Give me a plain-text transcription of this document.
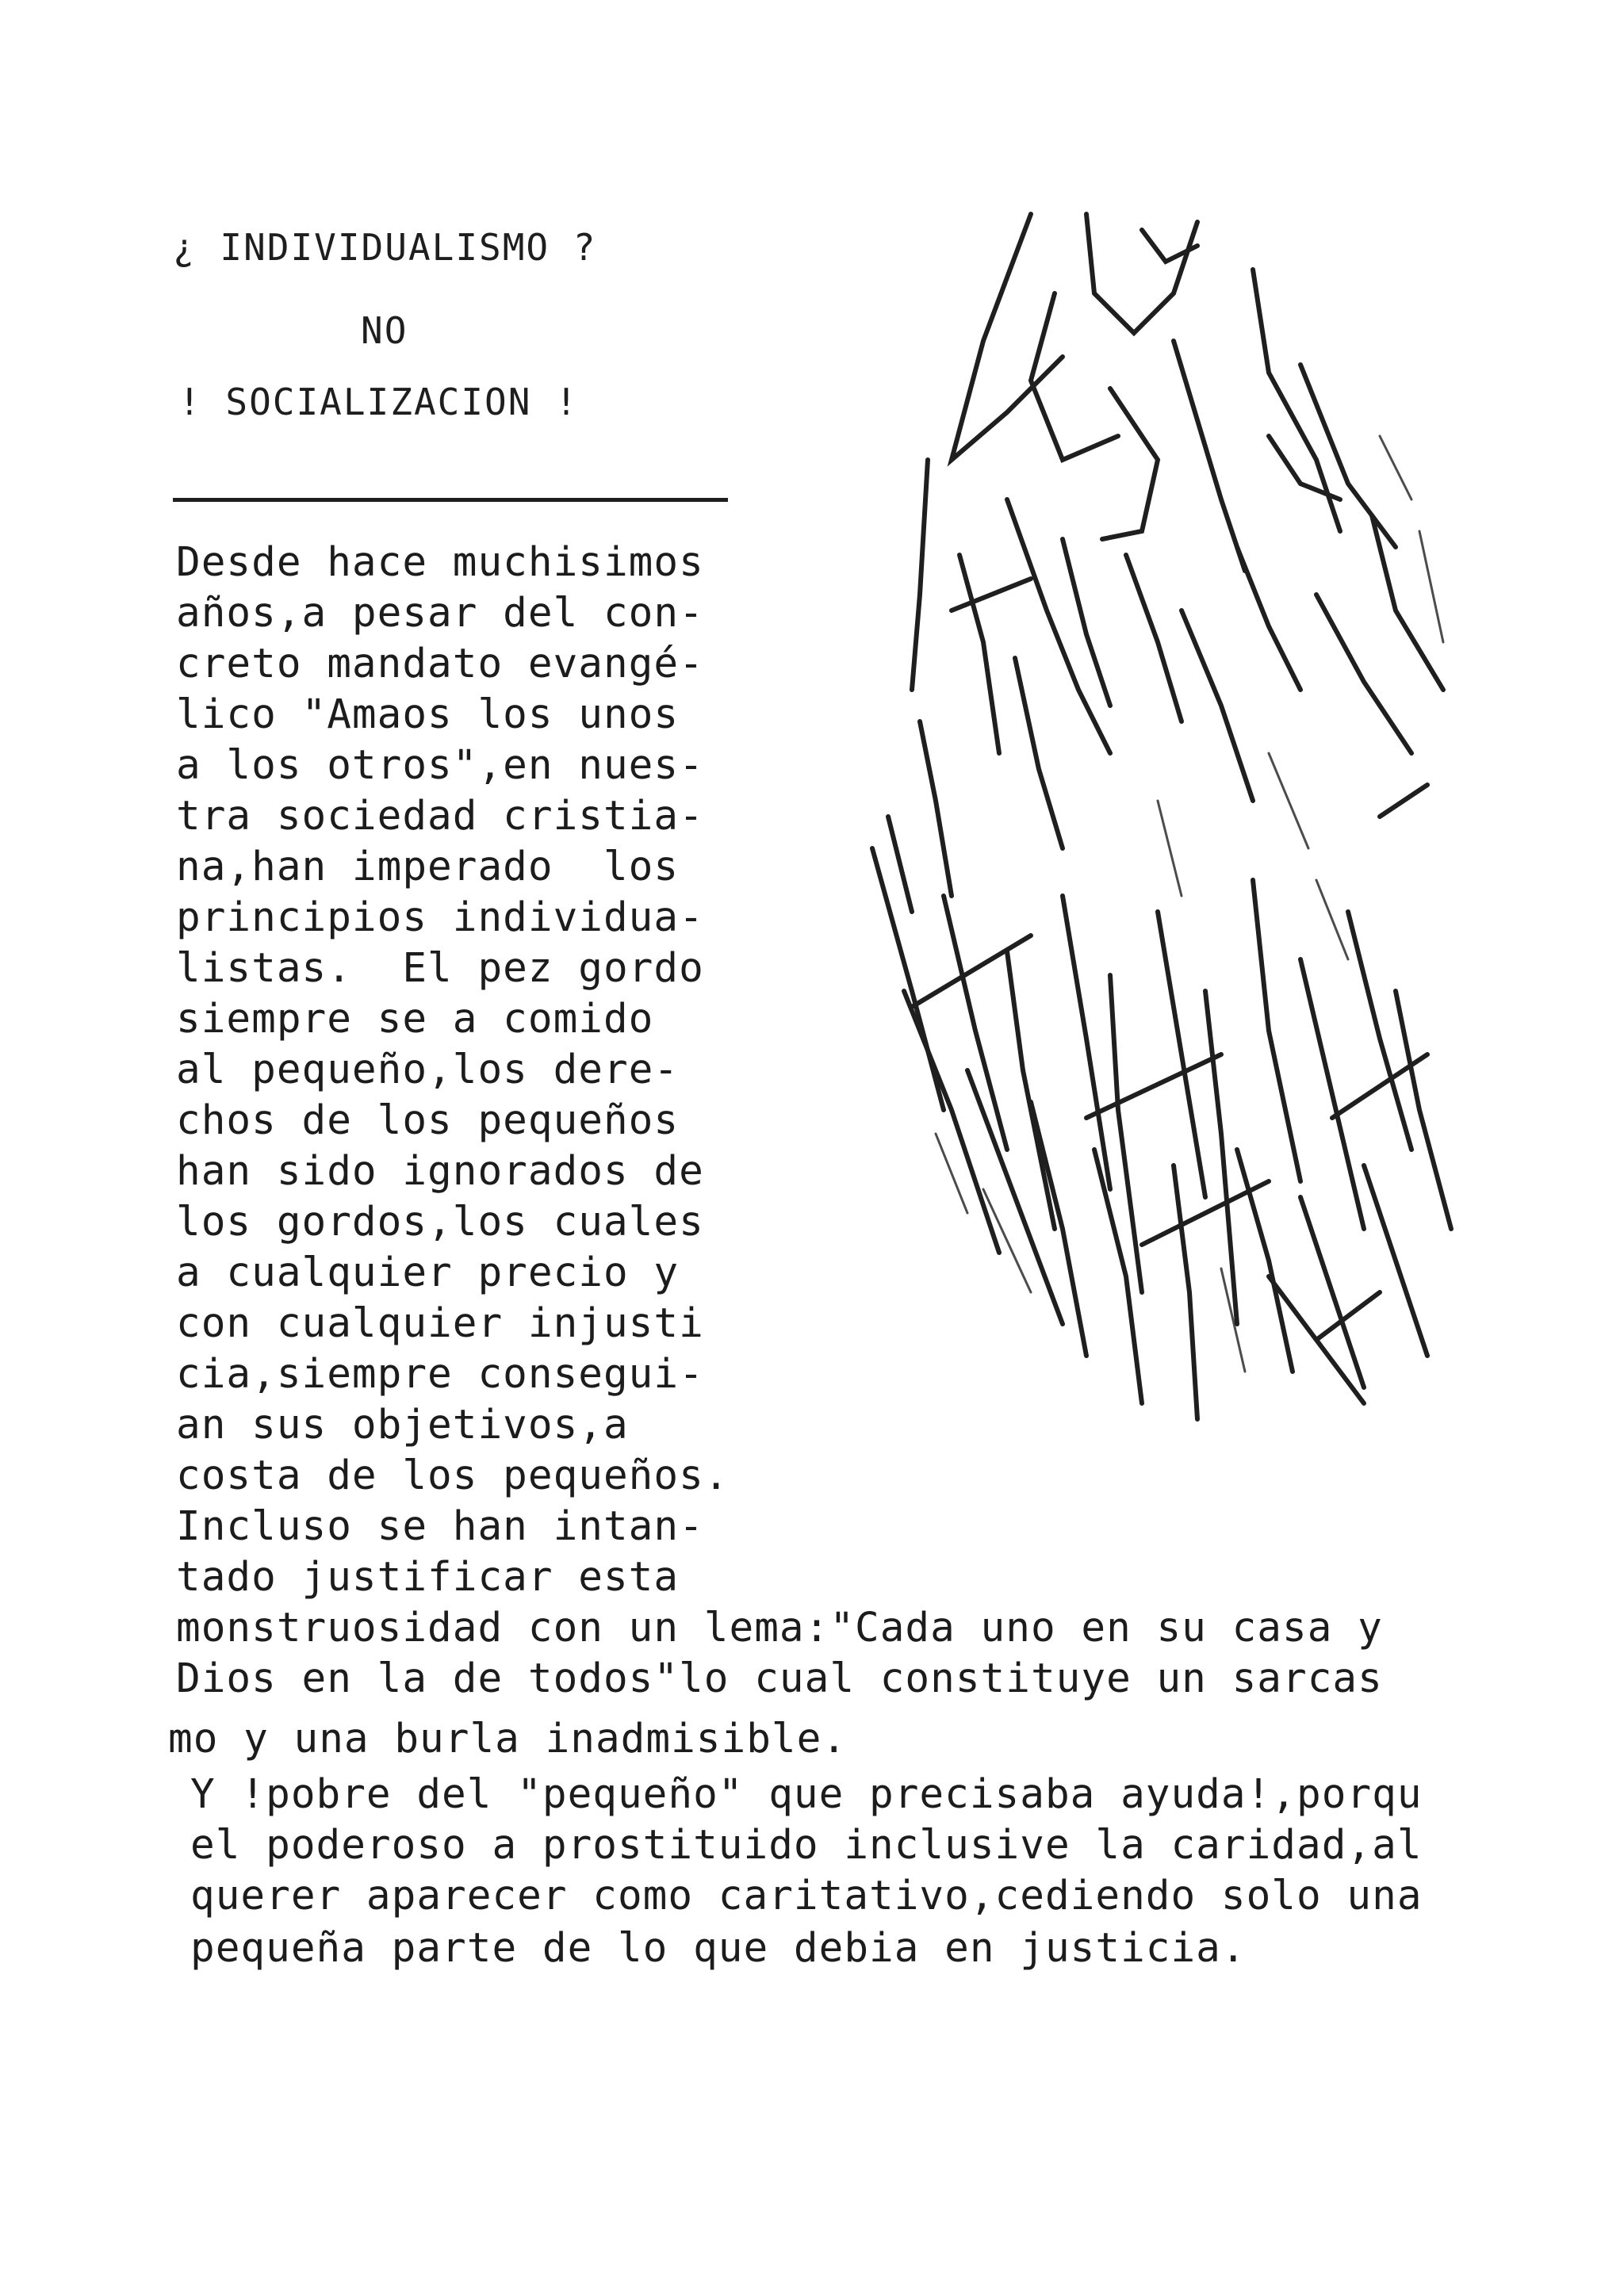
¿ INDIVIDUALISMO ?
NO
! SOCIALIZACION !
Desde hace muchisimos
años,a pesar del con-
creto mandato evangé-
lico "Amaos los unos
a los otros",en nues-
tra sociedad cristia-
na,han imperado  los
principios individua-
listas.  El pez gordo
siempre se a comido
al pequeño,los dere-
chos de los pequeños
han sido ignorados de
los gordos,los cuales
a cualquier precio y
con cualquier injusti
cia,siempre consegui-
an sus objetivos,a
costa de los pequeños.
Incluso se han intan-
tado justificar esta
monstruosidad con un lema:"Cada uno en su casa y
Dios en la de todos"lo cual constituye un sarcas
mo y una burla inadmisible.
Y !pobre del "pequeño" que precisaba ayuda!,porqu
el poderoso a prostituido inclusive la caridad,al
querer aparecer como caritativo,cediendo solo una
pequeña parte de lo que debia en justicia.
